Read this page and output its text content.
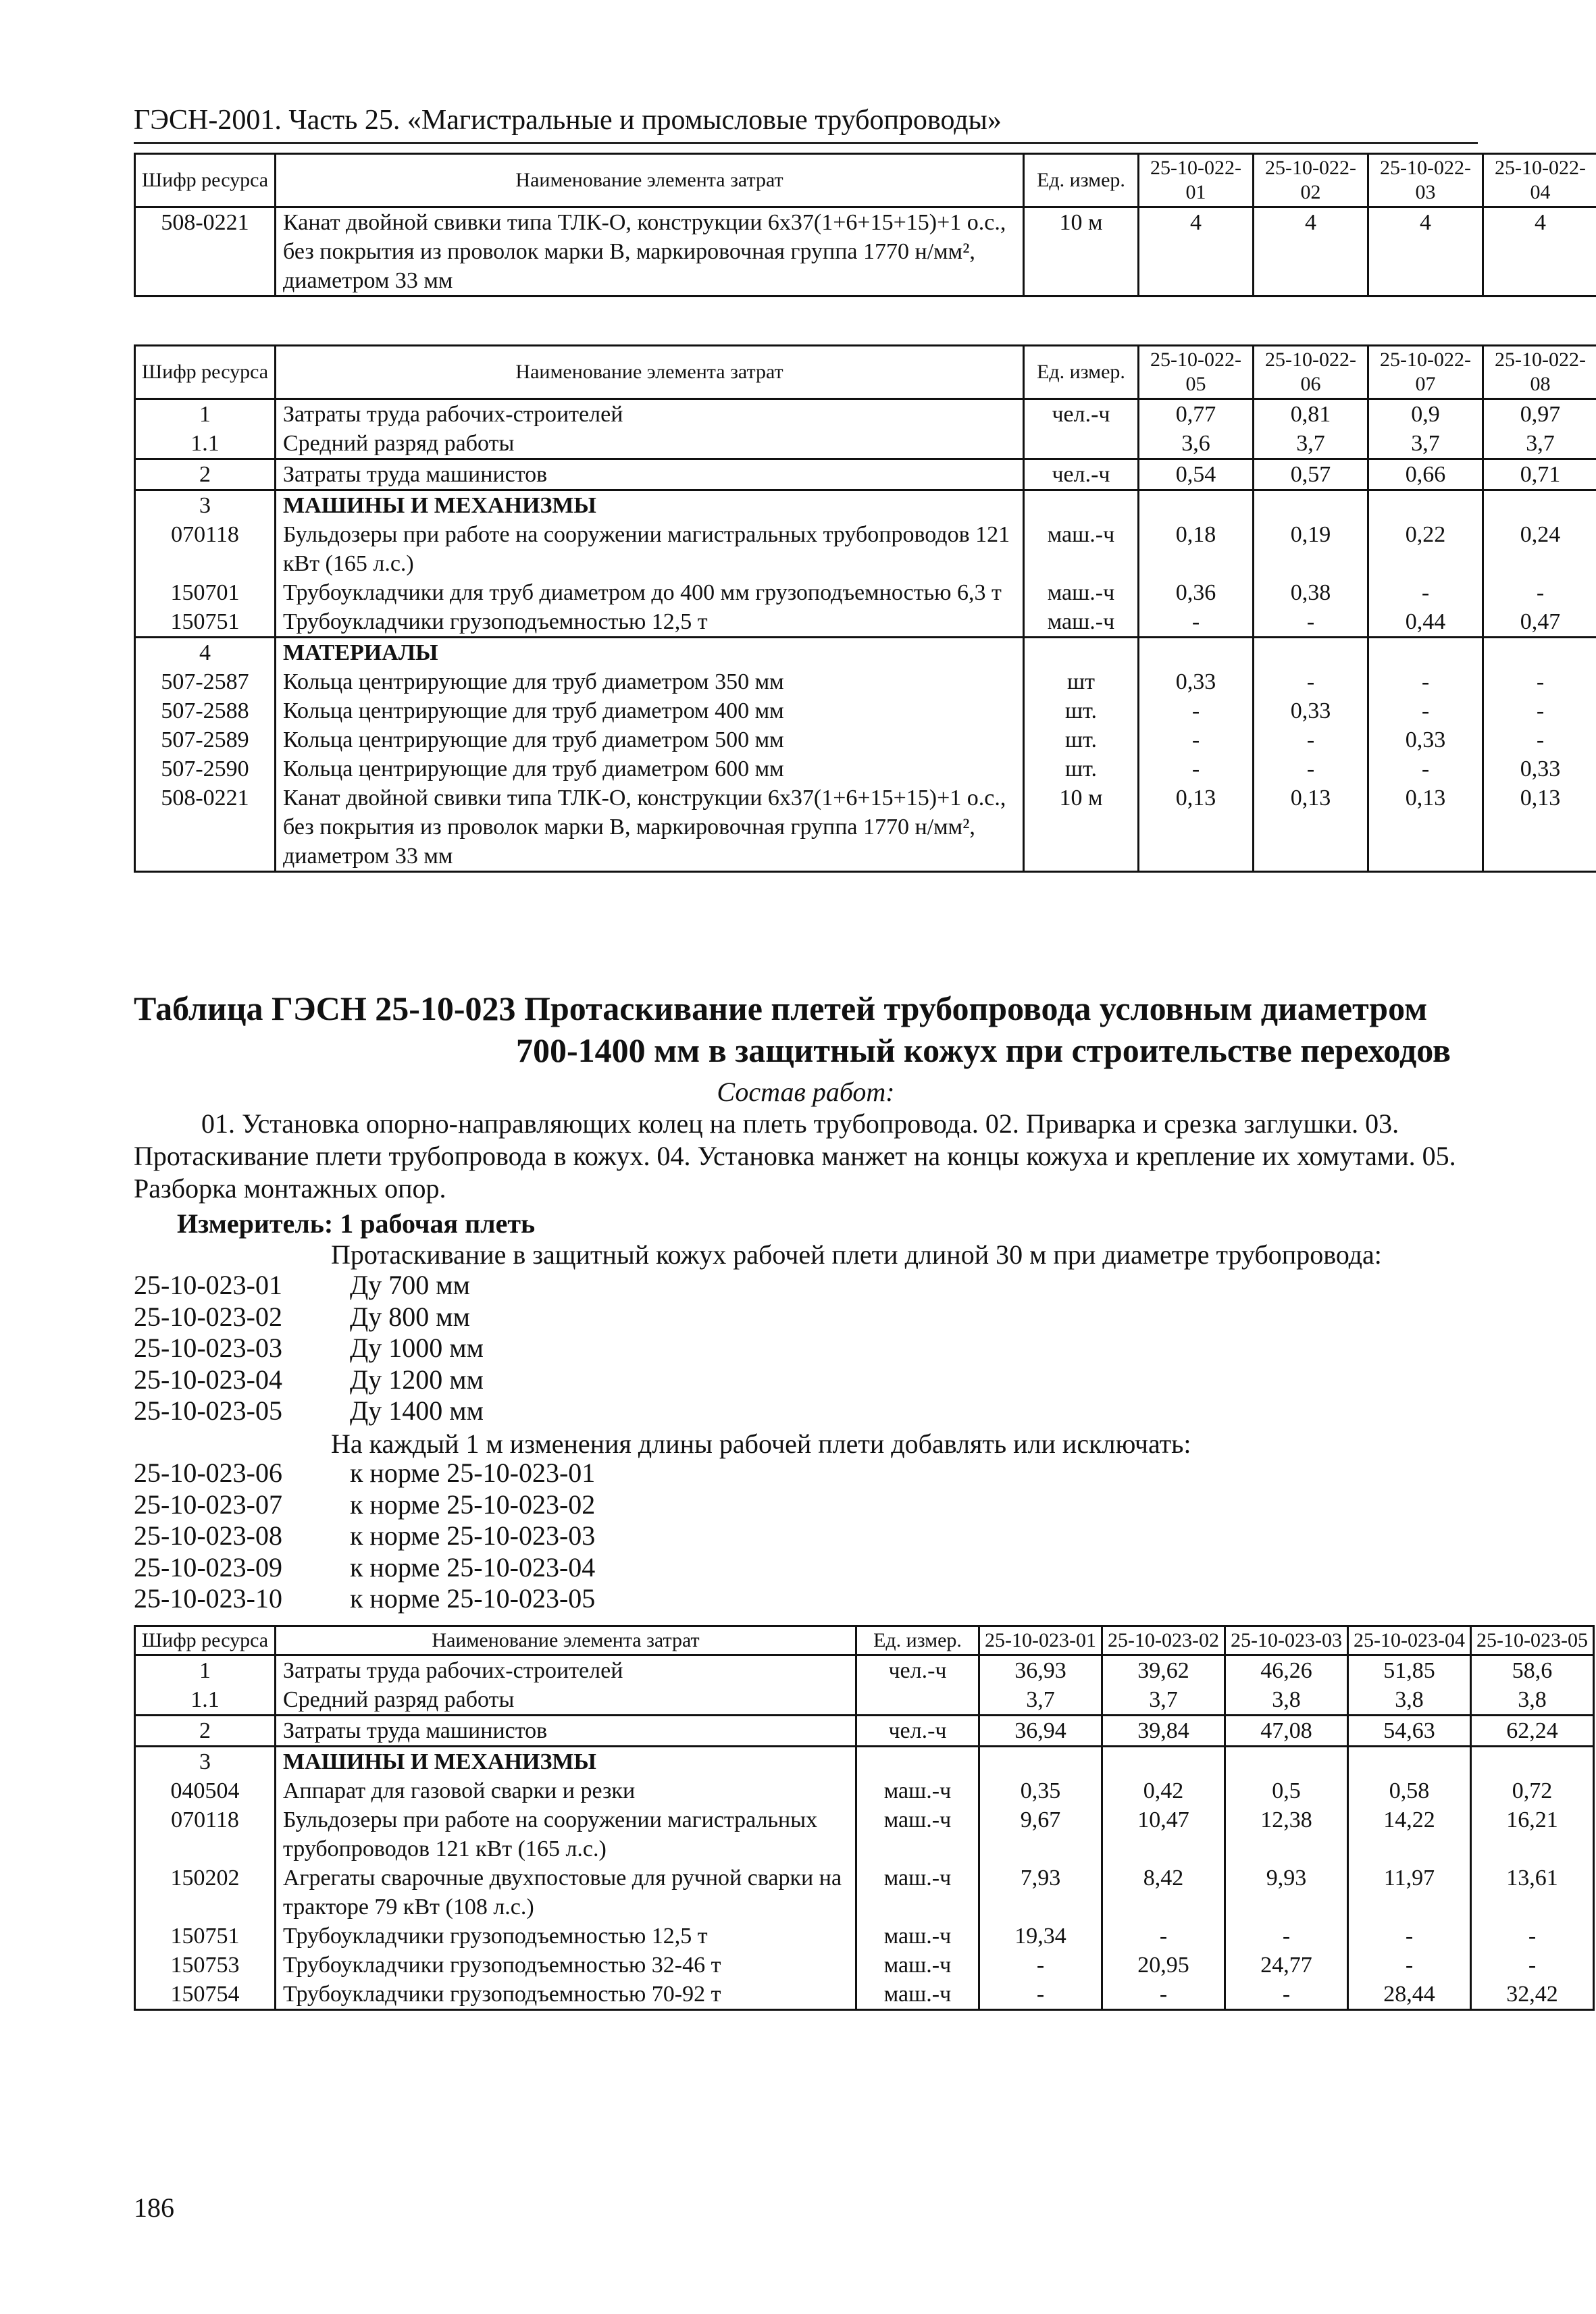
ГЭСН-2001. Часть 25. «Магистральные и промысловые трубопроводы»
Шифр ресурса	Наименование элемента затрат	Ед. измер.	25-10-022-01	25-10-022-02	25-10-022-03	25-10-022-04
508-0221	Канат двойной свивки типа ТЛК-О, конструкции 6х37(1+6+15+15)+1 о.с., без покрытия из проволок марки В, маркировочная группа 1770 н/мм², диаметром 33 мм	10 м	4	4	4	4
Шифр ресурса	Наименование элемента затрат	Ед. измер.	25-10-022-05	25-10-022-06	25-10-022-07	25-10-022-08
1	Затраты труда рабочих-строителей	чел.-ч	0,77	0,81	0,9	0,97
1.1	Средний разряд работы		3,6	3,7	3,7	3,7
2	Затраты труда машинистов	чел.-ч	0,54	0,57	0,66	0,71
3	МАШИНЫ И МЕХАНИЗМЫ					
070118	Бульдозеры при работе на сооружении магистральных трубопроводов 121 кВт (165 л.с.)	маш.-ч	0,18	0,19	0,22	0,24
150701	Трубоукладчики для труб диаметром до 400 мм грузоподъемностью 6,3 т	маш.-ч	0,36	0,38	-	-
150751	Трубоукладчики грузоподъемностью 12,5 т	маш.-ч	-	-	0,44	0,47
4	МАТЕРИАЛЫ					
507-2587	Кольца центрирующие для труб диаметром 350 мм	шт	0,33	-	-	-
507-2588	Кольца центрирующие для труб диаметром 400 мм	шт.	-	0,33	-	-
507-2589	Кольца центрирующие для труб диаметром 500 мм	шт.	-	-	0,33	-
507-2590	Кольца центрирующие для труб диаметром 600 мм	шт.	-	-	-	0,33
508-0221	Канат двойной свивки типа ТЛК-О, конструкции 6х37(1+6+15+15)+1 о.с., без покрытия из проволок марки В, маркировочная группа 1770 н/мм², диаметром 33 мм	10 м	0,13	0,13	0,13	0,13
Таблица ГЭСН 25-10-023 Протаскивание плетей трубопровода условным диаметром
700-1400 мм в защитный кожух при строительстве переходов
Состав работ:

01. Установка опорно-направляющих колец на плеть трубопровода. 02. Приварка и срезка заглушки. 03. Протаскивание плети трубопровода в кожух. 04. Установка манжет на концы кожуха и крепление их хомутами. 05. Разборка монтажных опор.

Измеритель: 1 рабочая плеть
Протаскивание в защитный кожух рабочей плети длиной 30 м при диаметре трубопровода:
25-10-023-01	Ду 700 мм
25-10-023-02	Ду 800 мм
25-10-023-03	Ду 1000 мм
25-10-023-04	Ду 1200 мм
25-10-023-05	Ду 1400 мм
На каждый 1 м изменения длины рабочей плети добавлять или исключать:
25-10-023-06	к норме 25-10-023-01
25-10-023-07	к норме 25-10-023-02
25-10-023-08	к норме 25-10-023-03
25-10-023-09	к норме 25-10-023-04
25-10-023-10	к норме 25-10-023-05
Шифр ресурса	Наименование элемента затрат	Ед. измер.	25-10-023-01	25-10-023-02	25-10-023-03	25-10-023-04	25-10-023-05
1	Затраты труда рабочих-строителей	чел.-ч	36,93	39,62	46,26	51,85	58,6
1.1	Средний разряд работы		3,7	3,7	3,8	3,8	3,8
2	Затраты труда машинистов	чел.-ч	36,94	39,84	47,08	54,63	62,24
3	МАШИНЫ И МЕХАНИЗМЫ						
040504	Аппарат для газовой сварки и резки	маш.-ч	0,35	0,42	0,5	0,58	0,72
070118	Бульдозеры при работе на сооружении магистральных трубопроводов 121 кВт (165 л.с.)	маш.-ч	9,67	10,47	12,38	14,22	16,21
150202	Агрегаты сварочные двухпостовые для ручной сварки на тракторе 79 кВт (108 л.с.)	маш.-ч	7,93	8,42	9,93	11,97	13,61
150751	Трубоукладчики грузоподъемностью 12,5 т	маш.-ч	19,34	-	-	-	-
150753	Трубоукладчики грузоподъемностью 32-46 т	маш.-ч	-	20,95	24,77	-	-
150754	Трубоукладчики грузоподъемностью 70-92 т	маш.-ч	-	-	-	28,44	32,42
186
